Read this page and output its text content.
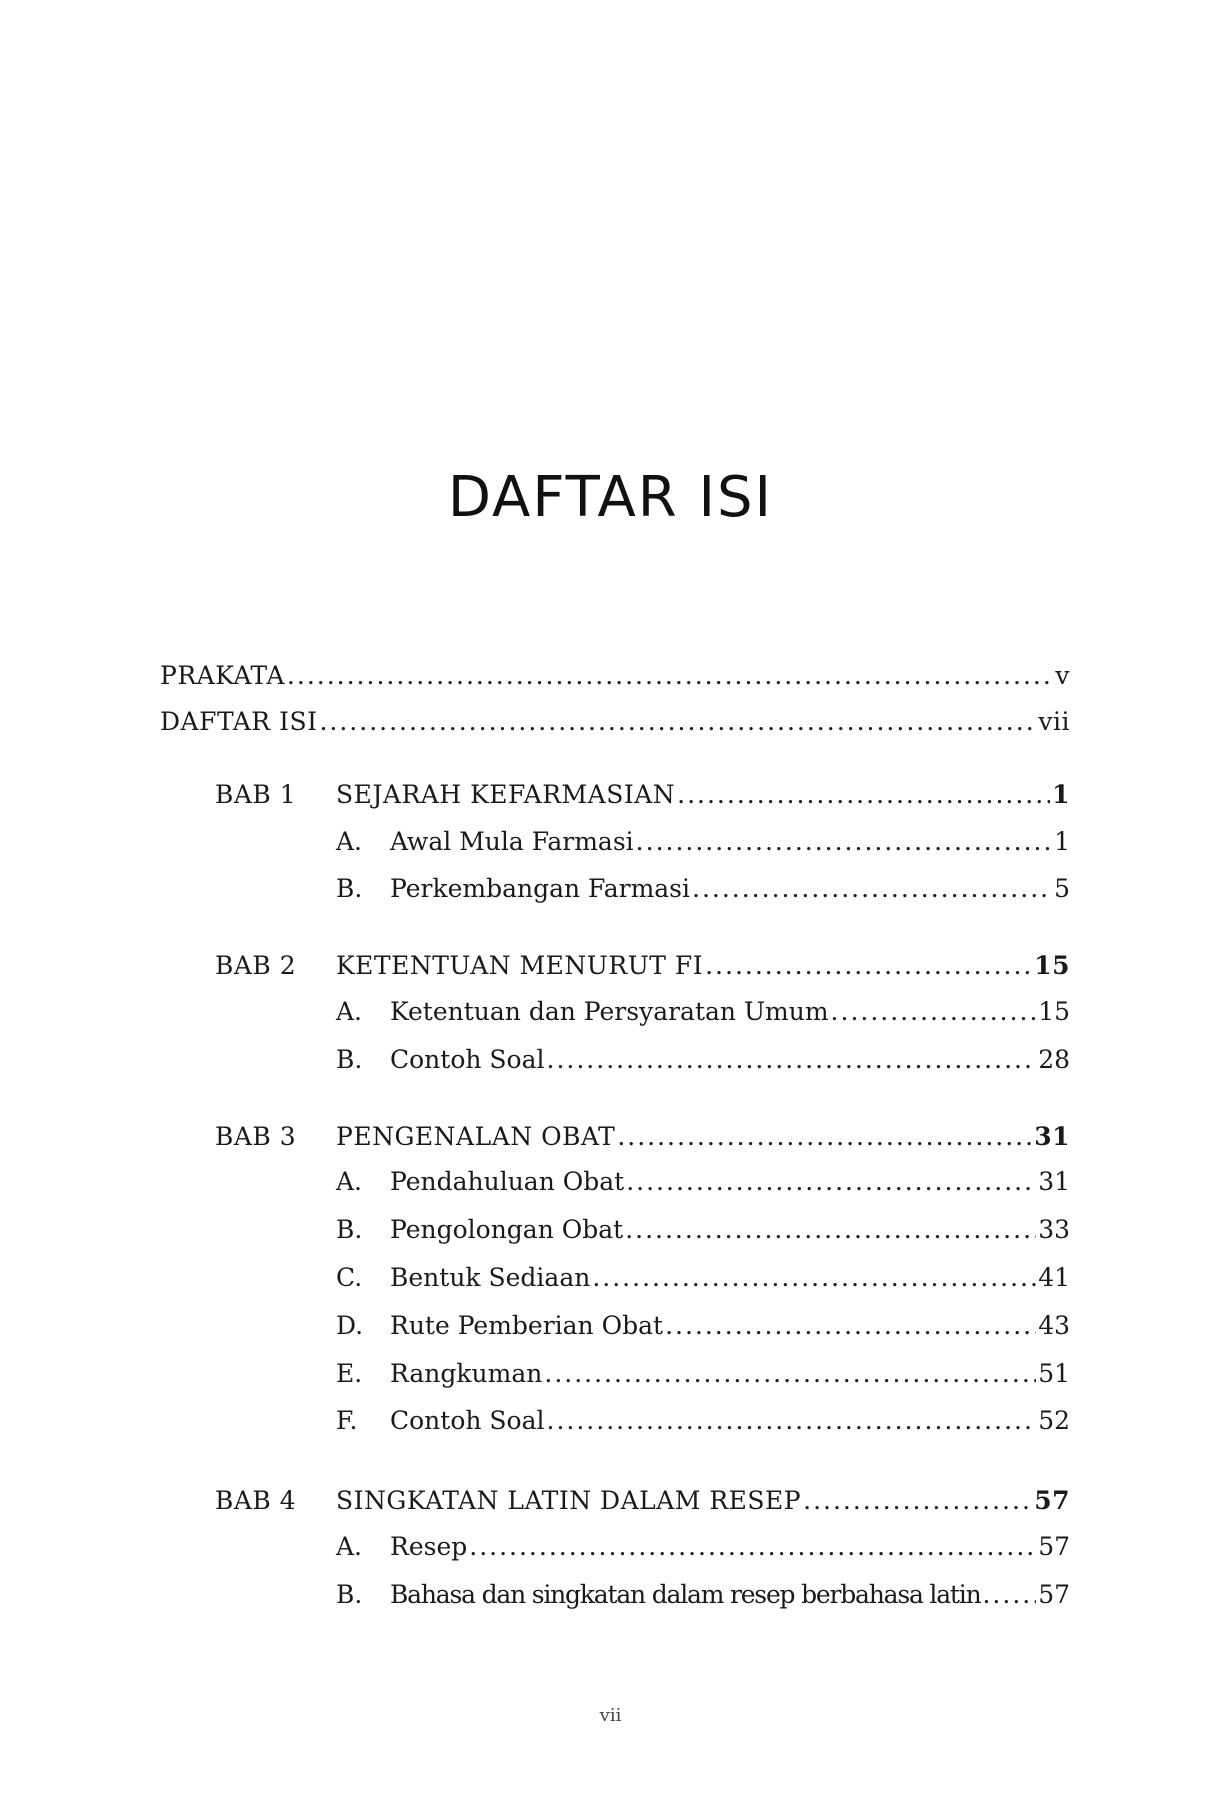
DAFTAR ISI
PRAKATA .....	v
DAFTAR ISI .....	vii
BAB 1 SEJARAH KEFARMASIAN .....	1
A. Awal Mula Farmasi .....	1
B. Perkembangan Farmasi .....	5
BAB 2 KETENTUAN MENURUT FI .....	15
A. Ketentuan dan Persyaratan Umum .....	15
B. Contoh Soal .....	28
BAB 3 PENGENALAN OBAT .....	31
A. Pendahuluan Obat .....	31
B. Pengolongan Obat .....	33
C. Bentuk Sediaan .....	41
D. Rute Pemberian Obat .....	43
E. Rangkuman .....	51
F. Contoh Soal .....	52
BAB 4 SINGKATAN LATIN DALAM RESEP .....	57
A. Resep .....	57
B. Bahasa dan singkatan dalam resep berbahasa latin ..... 57
vii
